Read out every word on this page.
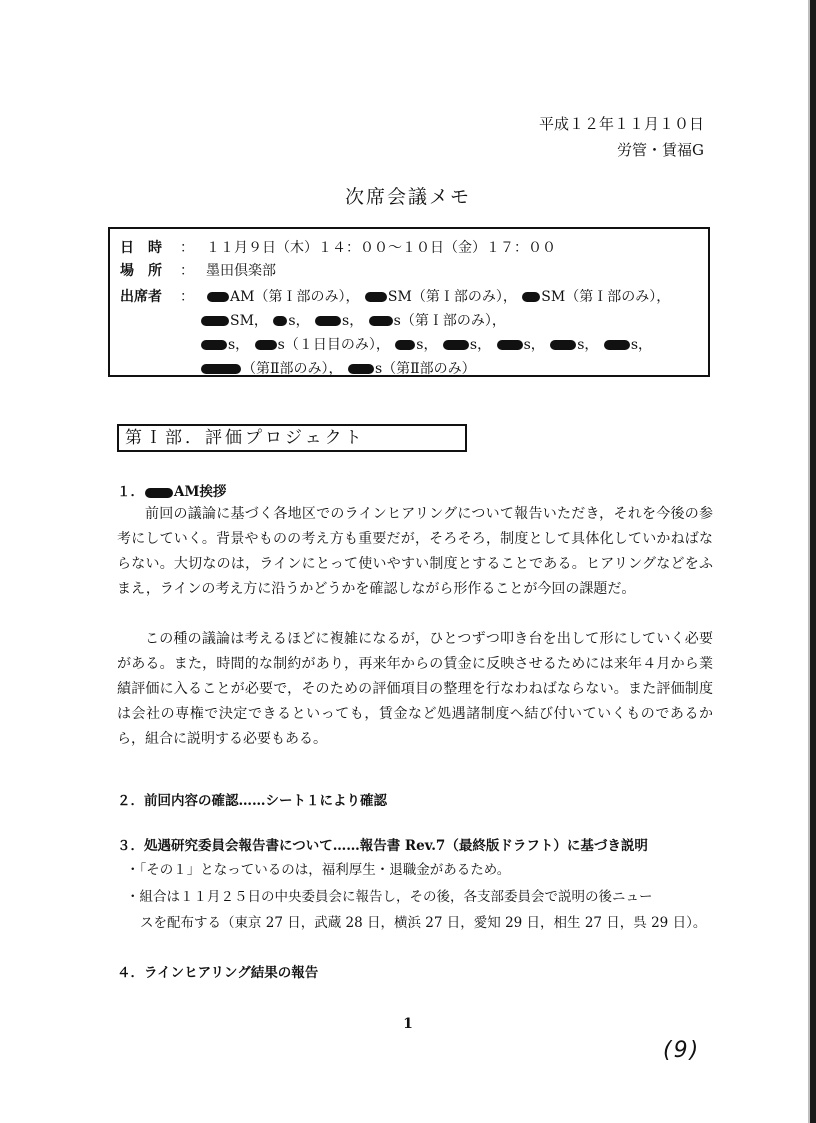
平成１２年１１月１０日
労管・賃福G
次席会議メモ
日　時 ： １１月９日（木）１４：００～１０日（金）１７：００
場　所 ： 墨田倶楽部
出席者 ：	AM（第Ｉ部のみ）， SM（第Ｉ部のみ）， SM（第Ｉ部のみ），
SM， s， s， s（第Ｉ部のみ），
s， s（１日目のみ）， s， s， s， s， s，
（第Ⅱ部のみ）， s（第Ⅱ部のみ）
第Ｉ部．評価プロジェクト
１． AM挨拶

前回の議論に基づく各地区でのラインヒアリングについて報告いただき，それを今後の参考にしていく。背景やものの考え方も重要だが，そろそろ，制度として具体化していかねばならない。大切なのは，ラインにとって使いやすい制度とすることである。ヒアリングなどをふまえ，ラインの考え方に沿うかどうかを確認しながら形作ることが今回の課題だ。

この種の議論は考えるほどに複雑になるが，ひとつずつ叩き台を出して形にしていく必要がある。また，時間的な制約があり，再来年からの賃金に反映させるためには来年４月から業績評価に入ることが必要で，そのための評価項目の整理を行なわねばならない。また評価制度は会社の専権で決定できるといっても，賃金など処遇諸制度へ結び付いていくものであるから，組合に説明する必要もある。

２．前回内容の確認……シート１により確認
３．処遇研究委員会報告書について……報告書 Rev.7（最終版ドラフト）に基づき説明
・「その１」となっているのは，福利厚生・退職金があるため。
・組合は１１月２５日の中央委員会に報告し，その後，各支部委員会で説明の後ニュー
スを配布する（東京 27 日，武蔵 28 日，横浜 27 日，愛知 29 日，相生 27 日，呉 29 日）。
４．ラインヒアリング結果の報告
1
(9)
